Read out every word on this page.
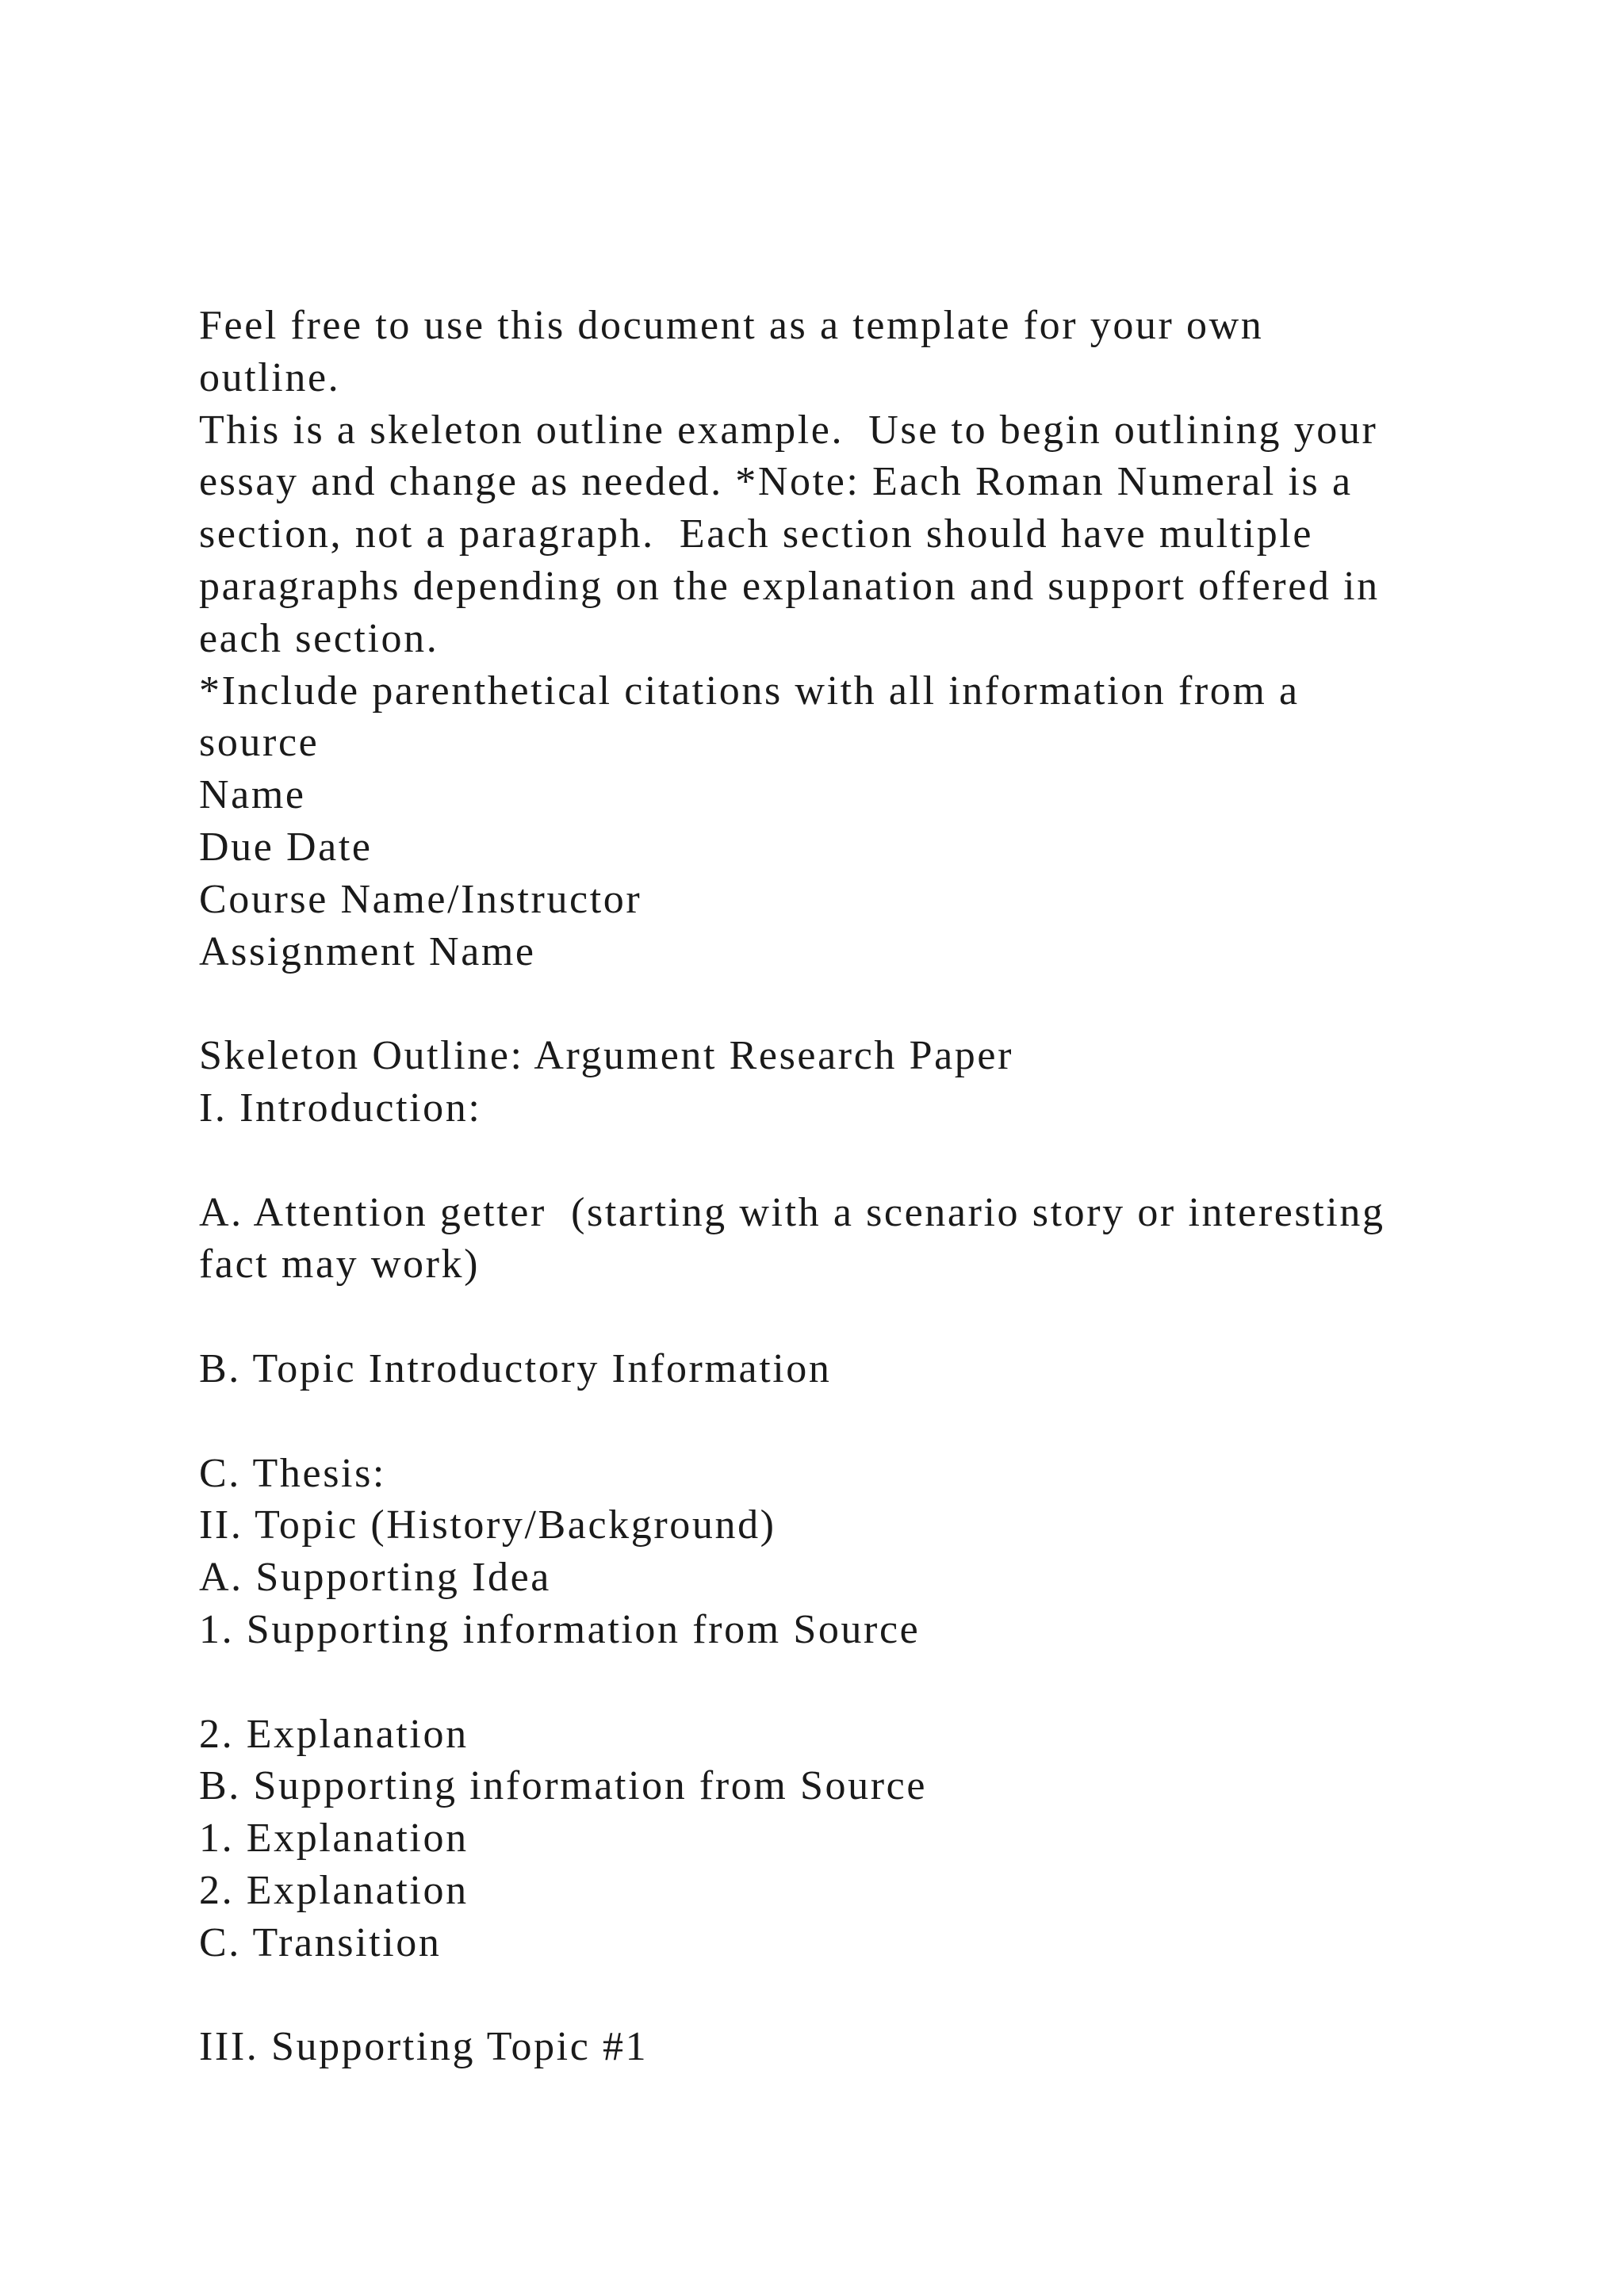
Feel free to use this document as a template for your own
outline.
This is a skeleton outline example.  Use to begin outlining your
essay and change as needed. *Note: Each Roman Numeral is a
section, not a paragraph.  Each section should have multiple
paragraphs depending on the explanation and support offered in
each section.
*Include parenthetical citations with all information from a
source
Name
Due Date
Course Name/Instructor
Assignment Name
Skeleton Outline: Argument Research Paper
I. Introduction:
A. Attention getter  (starting with a scenario story or interesting
fact may work)
B. Topic Introductory Information
C. Thesis:
II. Topic (History/Background)
A. Supporting Idea
1. Supporting information from Source
2. Explanation
B. Supporting information from Source
1. Explanation
2. Explanation
C. Transition
III. Supporting Topic #1
